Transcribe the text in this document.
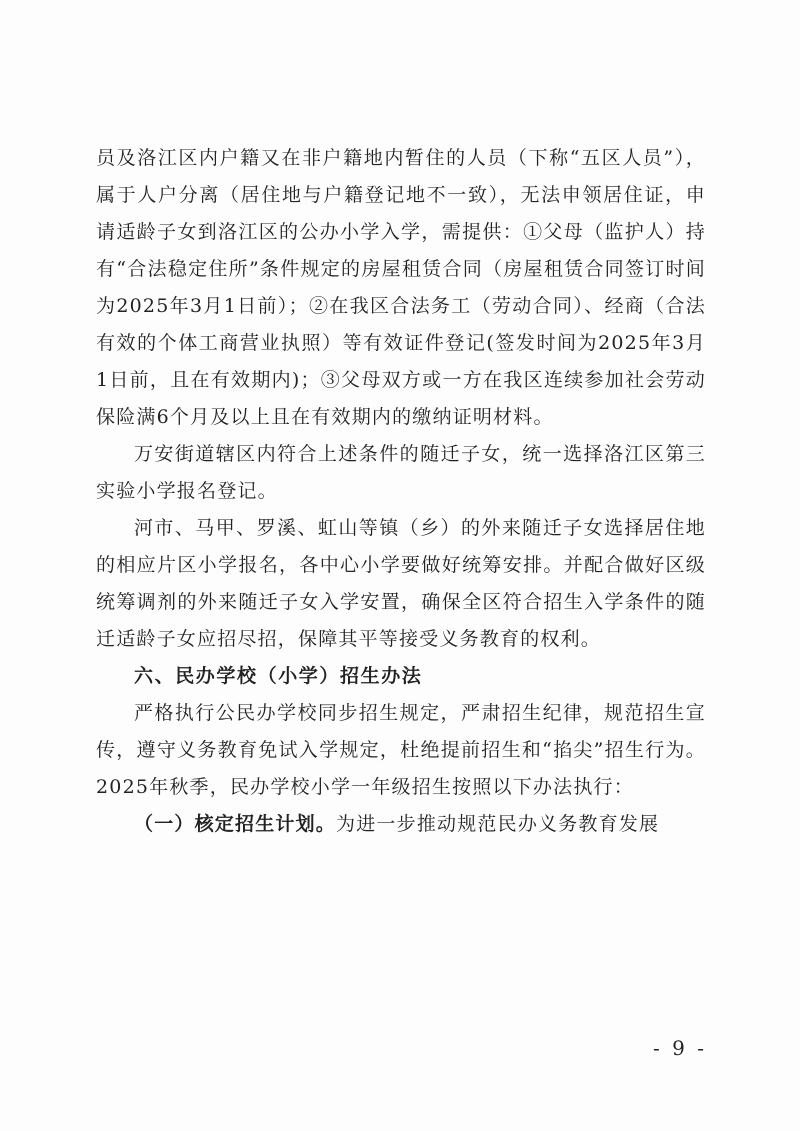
员及洛江区内户籍又在非户籍地内暂住的人员（下称“五区人员”），属于人户分离（居住地与户籍登记地不一致），无法申领居住证，申请适龄子女到洛江区的公办小学入学，需提供：①父母（监护人）持有“合法稳定住所”条件规定的房屋租赁合同（房屋租赁合同签订时间为2025年3月1日前）；②在我区合法务工（劳动合同）、经商（合法有效的个体工商营业执照）等有效证件登记(签发时间为2025年3月1日前，且在有效期内)；③父母双方或一方在我区连续参加社会劳动保险满6个月及以上且在有效期内的缴纳证明材料。

万安街道辖区内符合上述条件的随迁子女，统一选择洛江区第三实验小学报名登记。

河市、马甲、罗溪、虹山等镇（乡）的外来随迁子女选择居住地的相应片区小学报名，各中心小学要做好统筹安排。并配合做好区级统筹调剂的外来随迁子女入学安置，确保全区符合招生入学条件的随迁适龄子女应招尽招，保障其平等接受义务教育的权利。

六、民办学校（小学）招生办法

严格执行公民办学校同步招生规定，严肃招生纪律，规范招生宣传，遵守义务教育免试入学规定，杜绝提前招生和“掐尖”招生行为。2025年秋季，民办学校小学一年级招生按照以下办法执行：

（一）核定招生计划。为进一步推动规范民办义务教育发展

- 9 -
